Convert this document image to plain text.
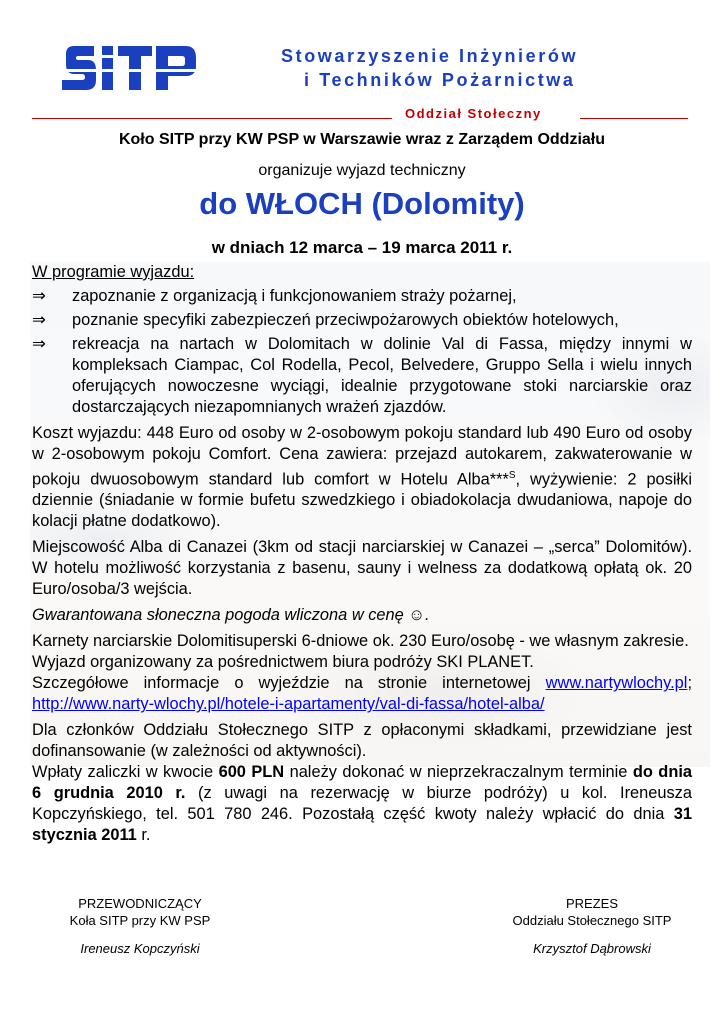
Stowarzyszenie Inżynierów
i Techników Pożarnictwa
Oddział Stołeczny
Koło SITP przy KW PSP w Warszawie wraz z Zarządem Oddziału
organizuje wyjazd techniczny
do WŁOCH (Dolomity)
w dniach 12 marca – 19 marca 2011 r.

W programie wyjazdu:

⇒	zapoznanie z organizacją i funkcjonowaniem straży pożarnej,
⇒	poznanie specyfiki zabezpieczeń przeciwpożarowych obiektów hotelowych,
⇒	rekreacja na nartach w Dolomitach w dolinie Val di Fassa, między innymi w kompleksach Ciampac, Col Rodella, Pecol, Belvedere, Gruppo Sella i wielu innych oferujących nowoczesne wyciągi, idealnie przygotowane stoki narciarskie oraz dostarczających niezapomnianych wrażeń zjazdów.

Koszt wyjazdu: 448 Euro od osoby w 2-osobowym pokoju standard lub 490 Euro od osoby w 2-osobowym pokoju Comfort. Cena zawiera: przejazd autokarem, zakwaterowanie w pokoju dwuosobowym standard lub comfort w Hotelu Alba***$^S$, wyżywienie: 2 posiłki dziennie (śniadanie w formie bufetu szwedzkiego i obiadokolacja dwudaniowa, napoje do kolacji płatne dodatkowo).

Miejscowość Alba di Canazei (3km od stacji narciarskiej w Canazei – „serca” Dolomitów). W hotelu możliwość korzystania z basenu, sauny i welness za dodatkową opłatą ok. 20 Euro/osoba/3 wejścia.

Gwarantowana słoneczna pogoda wliczona w cenę ☺.

Karnety narciarskie Dolomitisuperski 6-dniowe ok. 230 Euro/osobę - we własnym zakresie.

Wyjazd organizowany za pośrednictwem biura podróży SKI PLANET.

Szczegółowe informacje o wyjeździe na stronie internetowej www.nartywlochy.pl; http://www.narty-wlochy.pl/hotele-i-apartamenty/val-di-fassa/hotel-alba/

Dla członków Oddziału Stołecznego SITP z opłaconymi składkami, przewidziane jest dofinansowanie (w zależności od aktywności).

Wpłaty zaliczki w kwocie 600 PLN należy dokonać w nieprzekraczalnym terminie do dnia 6 grudnia 2010 r. (z uwagi na rezerwację w biurze podróży) u kol. Ireneusza Kopczyńskiego, tel. 501 780 246. Pozostałą część kwoty należy wpłacić do dnia 31 stycznia 2011 r.

PRZEWODNICZĄCY
Koła SITP przy KW PSP
Ireneusz Kopczyński
PREZES
Oddziału Stołecznego SITP
Krzysztof Dąbrowski
